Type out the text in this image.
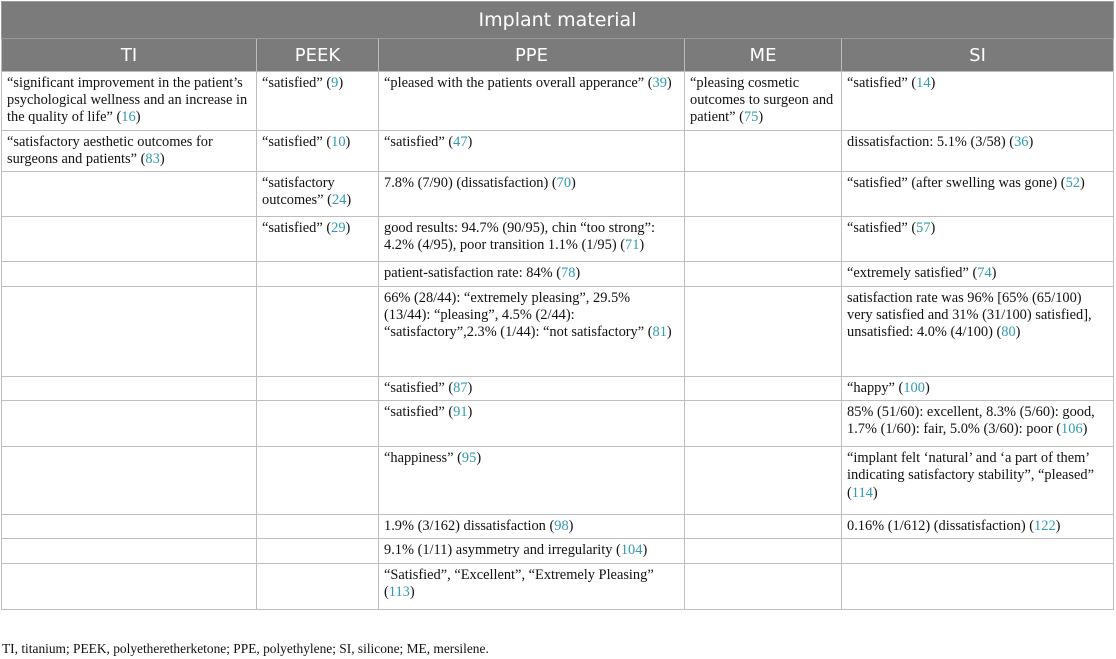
Implant material				
TI	PEEK	PPE	ME	SI
“significant improvement in the patient’s psychological wellness and an increase in the quality of life” (16)	“satisfied” (9)	“pleased with the patients overall apperance” (39)	“pleasing cosmetic outcomes to surgeon and patient” (75)	“satisfied” (14)
“satisfactory aesthetic outcomes for surgeons and patients” (83)	“satisfied” (10)	“satisfied” (47)		dissatisfaction: 5.1% (3/58) (36)
	“satisfactory outcomes” (24)	7.8% (7/90) (dissatisfaction) (70)		“satisfied” (after swelling was gone) (52)
	“satisfied” (29)	good results: 94.7% (90/95), chin “too strong”: 4.2% (4/95), poor transition 1.1% (1/95) (71)		“satisfied” (57)
		patient-satisfaction rate: 84% (78)		“extremely satisfied” (74)
		66% (28/44): “extremely pleasing”, 29.5% (13/44): “pleasing”, 4.5% (2/44): “satisfactory”,2.3% (1/44): “not satisfactory” (81)		satisfaction rate was 96% [65% (65/100) very satisfied and 31% (31/100) satisfied], unsatisfied: 4.0% (4/100) (80)
		“satisfied” (87)		“happy” (100)
		“satisfied” (91)		85% (51/60): excellent, 8.3% (5/60): good, 1.7% (1/60): fair, 5.0% (3/60): poor (106)
		“happiness” (95)		“implant felt ‘natural’ and ‘a part of them’ indicating satisfactory stability”, “pleased” (114)
		1.9% (3/162) dissatisfaction (98)		0.16% (1/612) (dissatisfaction) (122)
		9.1% (1/11) asymmetry and irregularity (104)		
		“Satisfied”, “Excellent”, “Extremely Pleasing” (113)		
TI, titanium; PEEK, polyetheretherketone; PPE, polyethylene; SI, silicone; ME, mersilene.
